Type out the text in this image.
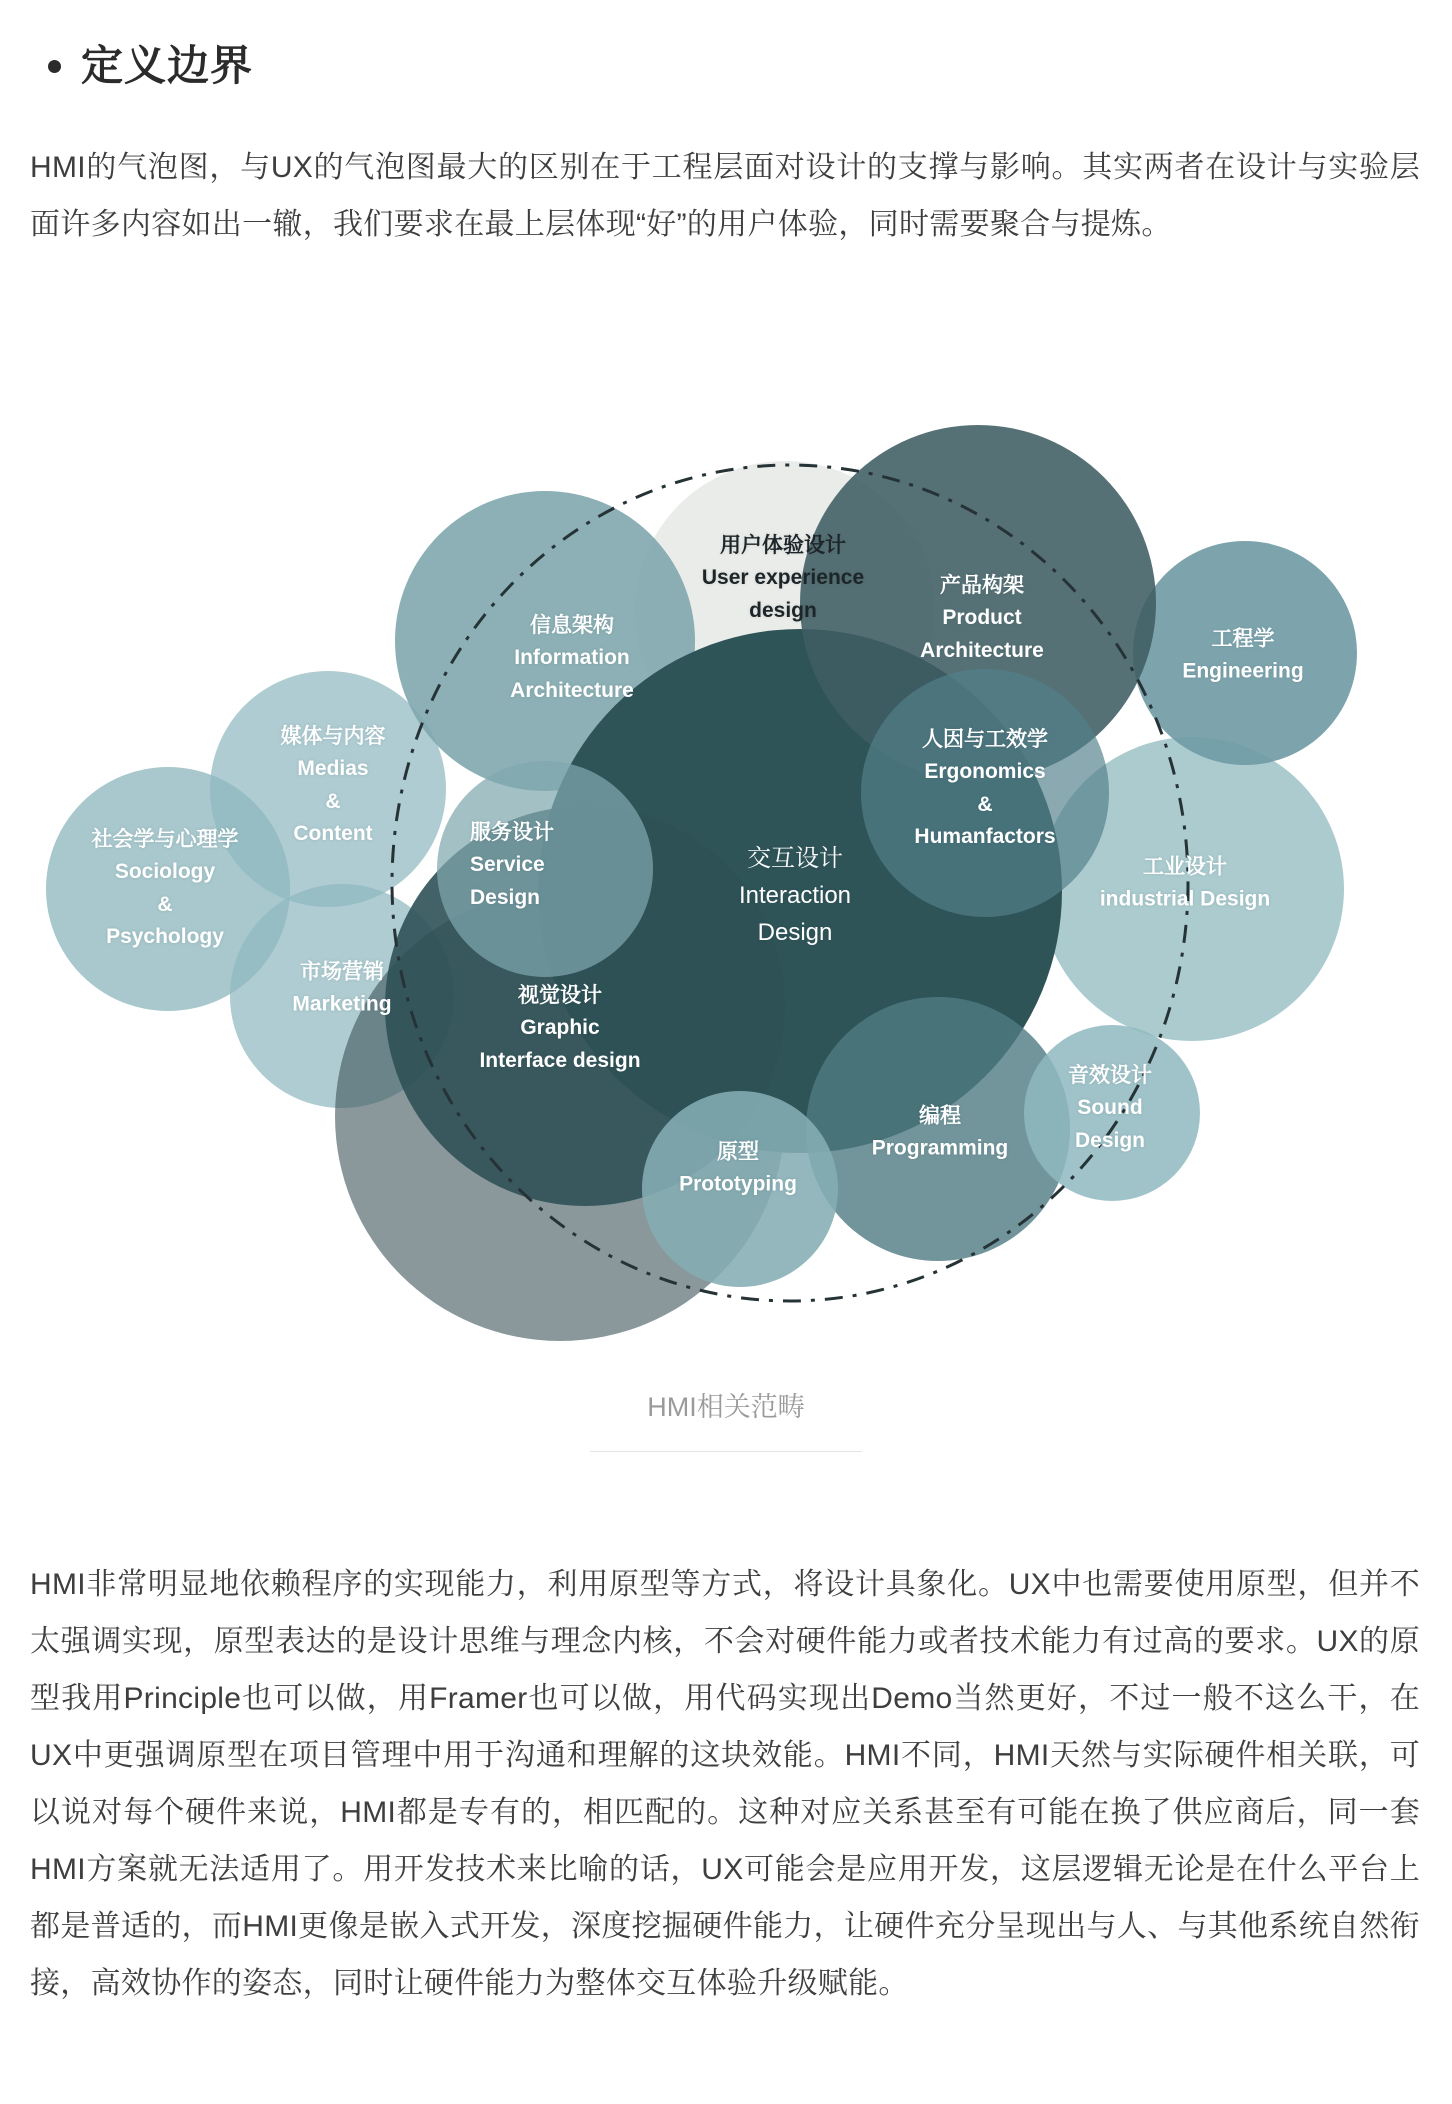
定义边界

HMI的气泡图，与UX的气泡图最大的区别在于工程层面对设计的支撑与影响。其实两者在设计与实验层面许多内容如出一辙，我们要求在最上层体现“好”的用户体验，同时需要聚合与提炼。

用户体验设计
User experience
design
信息架构
Information
Architecture
媒体与内容
Medias
&
Content
社会学与心理学
Sociology
&
Psychology
市场营销
Marketing
服务设计
Service
Design
交互设计
Interaction
Design
产品构架
Product
Architecture
工程学
Engineering
人因与工效学
Ergonomics
&
Humanfactors
工业设计
industrial Design
视觉设计
Graphic
Interface design
原型
Prototyping
编程
Programming
音效设计
Sound
Design
HMI相关范畴

HMI非常明显地依赖程序的实现能力，利用原型等方式，将设计具象化。UX中也需要使用原型，但并不太强调实现，原型表达的是设计思维与理念内核，不会对硬件能力或者技术能力有过高的要求。UX的原型我用Principle也可以做，用Framer也可以做，用代码实现出Demo当然更好，不过一般不这么干，在UX中更强调原型在项目管理中用于沟通和理解的这块效能。HMI不同，HMI天然与实际硬件相关联，可以说对每个硬件来说，HMI都是专有的，相匹配的。这种对应关系甚至有可能在换了供应商后，同一套HMI方案就无法适用了。用开发技术来比喻的话，UX可能会是应用开发，这层逻辑无论是在什么平台上都是普适的，而HMI更像是嵌入式开发，深度挖掘硬件能力，让硬件充分呈现出与人、与其他系统自然衔接，高效协作的姿态，同时让硬件能力为整体交互体验升级赋能。
